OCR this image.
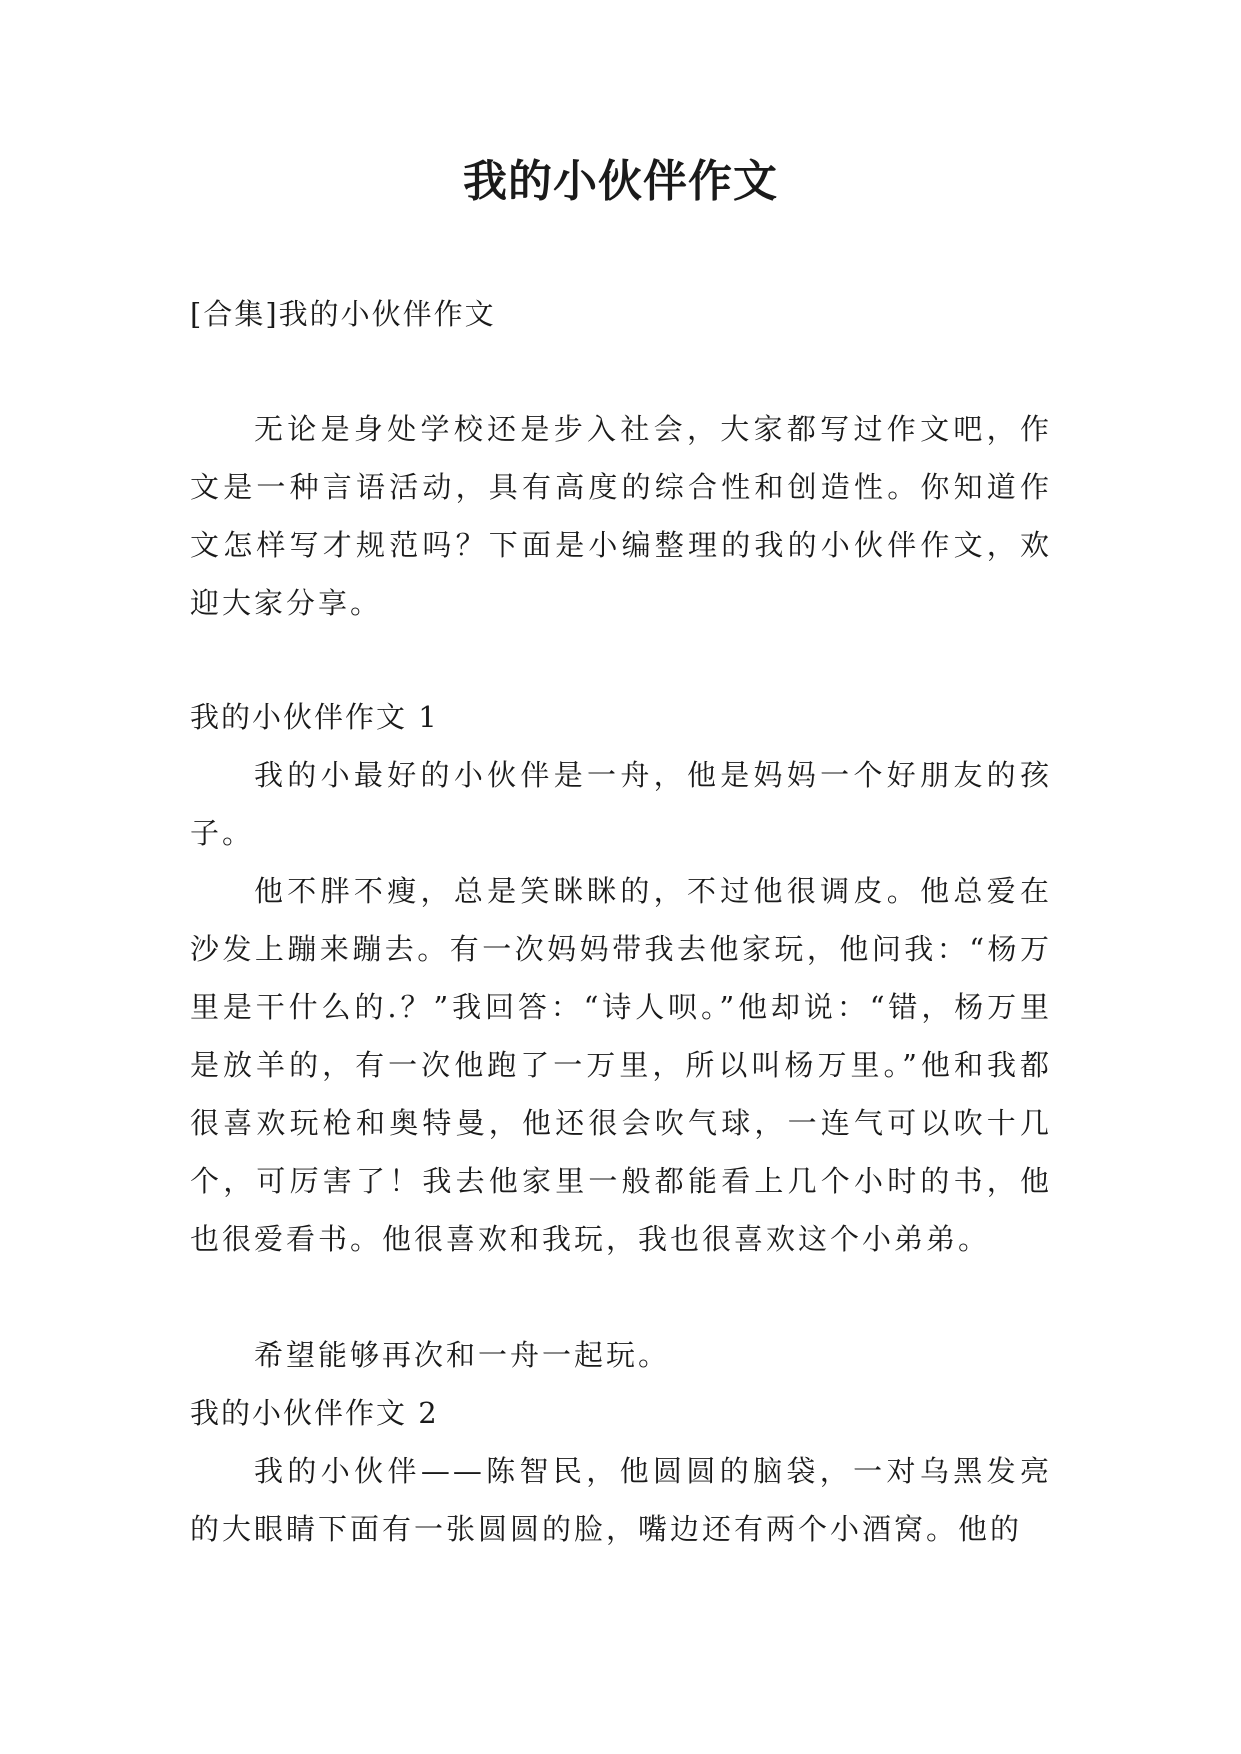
我的小伙伴作文

[合集]我的小伙伴作文

无论是身处学校还是步入社会，大家都写过作文吧，作文是一种言语活动，具有高度的综合性和创造性。你知道作文怎样写才规范吗？下面是小编整理的我的小伙伴作文，欢迎大家分享。

我的小伙伴作文 1

我的小最好的小伙伴是一舟，他是妈妈一个好朋友的孩子。

他不胖不瘦，总是笑眯眯的，不过他很调皮。他总爱在沙发上蹦来蹦去。有一次妈妈带我去他家玩，他问我：“杨万里是干什么的.？”我回答：“诗人呗。”他却说：“错，杨万里是放羊的，有一次他跑了一万里，所以叫杨万里。”他和我都很喜欢玩枪和奥特曼，他还很会吹气球，一连气可以吹十几个，可厉害了！我去他家里一般都能看上几个小时的书，他也很爱看书。他很喜欢和我玩，我也很喜欢这个小弟弟。

希望能够再次和一舟一起玩。

我的小伙伴作文 2

我的小伙伴——陈智民，他圆圆的脑袋，一对乌黑发亮的大眼睛下面有一张圆圆的脸，嘴边还有两个小酒窝。他的
